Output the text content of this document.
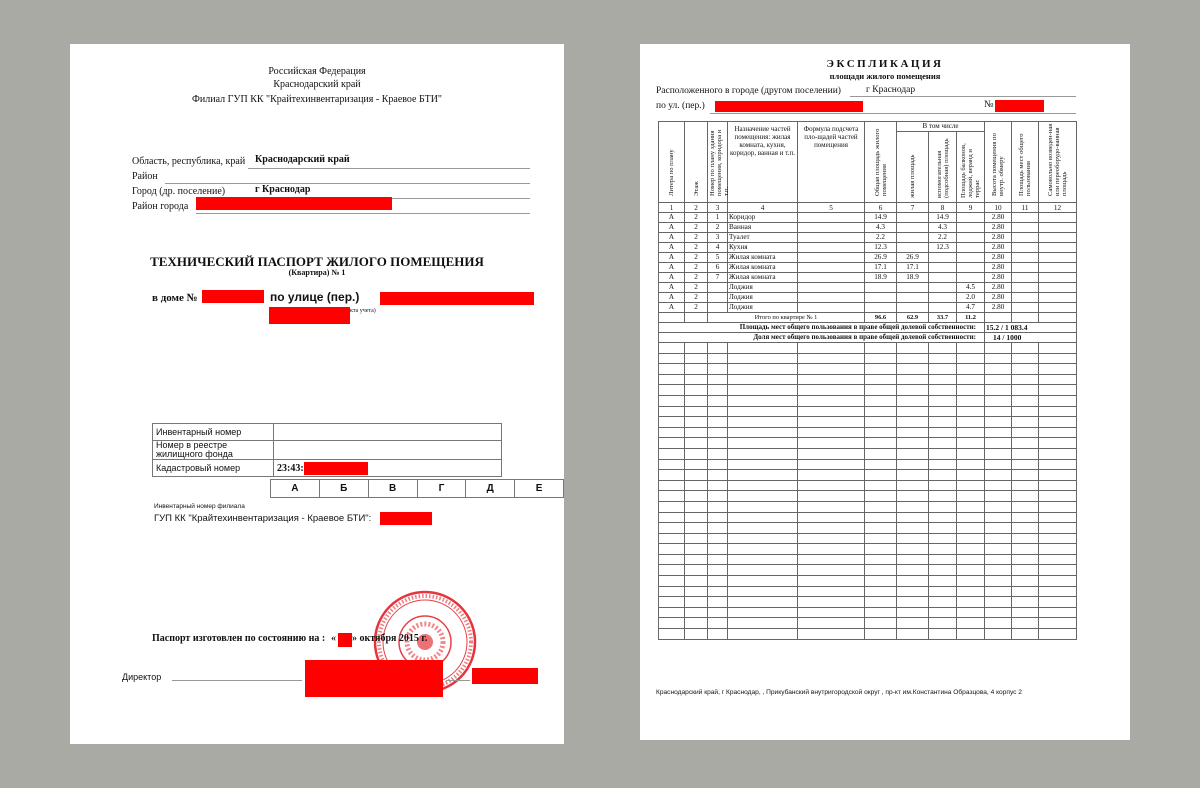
Российская Федерация
Краснодарский край
Филиал ГУП КК "Крайтехинвентаризация - Краевое БТИ"
Область, республика, край Краснодарский край
Район
Город (др. поселение)	г Краснодар
Район города
ТЕХНИЧЕСКИЙ ПАСПОРТ ЖИЛОГО ПОМЕЩЕНИЯ
(Квартира) № 1
в доме №	по улице (пер.)
кта учета)
Инвентарный номер	
Номер в реестре жилищного фонда	
Кадастровый номер	23:43:
А	Б	В	Г	Д	Е
Инвентарный номер филиала
ГУП КК "Крайтехинвентаризация - Краевое БТИ":
Паспорт изготовлен по состоянию на : « » октября 2015 г.
Директор
ЭКСПЛИКАЦИЯ
площади жилого помещения
Расположенного в городе (другом поселении)	г Краснодар
по ул. (пер.)	№
Литера по плану	Этаж	Номер по плану здания помещения, коридора и т.п.	Назначение частей помещения: жилая комната, кухня, коридор, ванная и т.п.	Формула подсчета пло-щадей частей помещения	Общая площадь жилого помещения	В том числе			Высота помещения по внутр. обмеру	Площадь мест общего пользования	Самовольно возведен-ная или переоборудо-ванная площадь

						жилая площадь	вспомогательная (подсобная) площадь	Площадь балконов, лоджий, веранд и террас			

1	2	3	4	5	6	7	8	9	10	11	12
А	2	1	Коридор		14.9		14.9		2.80		
А	2	2	Ванная		4.3		4.3		2.80		
А	2	3	Туалет		2.2		2.2		2.80		
А	2	4	Кухня		12.3		12.3		2.80		
А	2	5	Жилая комната		26.9	26.9			2.80		
А	2	6	Жилая комната		17.1	17.1			2.80		
А	2	7	Жилая комната		18.9	18.9			2.80		
А	2		Лоджия					4.5	2.80		
А	2		Лоджия					2.0	2.80		
А	2		Лоджия					4.7	2.80		
		Итого по квартире № 1			96.6	62.9	33.7	11.2			
Площадь мест общего пользования в праве общей долевой собственности:									15.2 / 1 083.4		
Доля мест общего пользования в праве общей долевой собственности:									14 / 1000		

Краснодарский край, г Краснодар, , Прикубанский внутригородской округ , пр-кт им.Константина Образцова, 4 корпус 2
